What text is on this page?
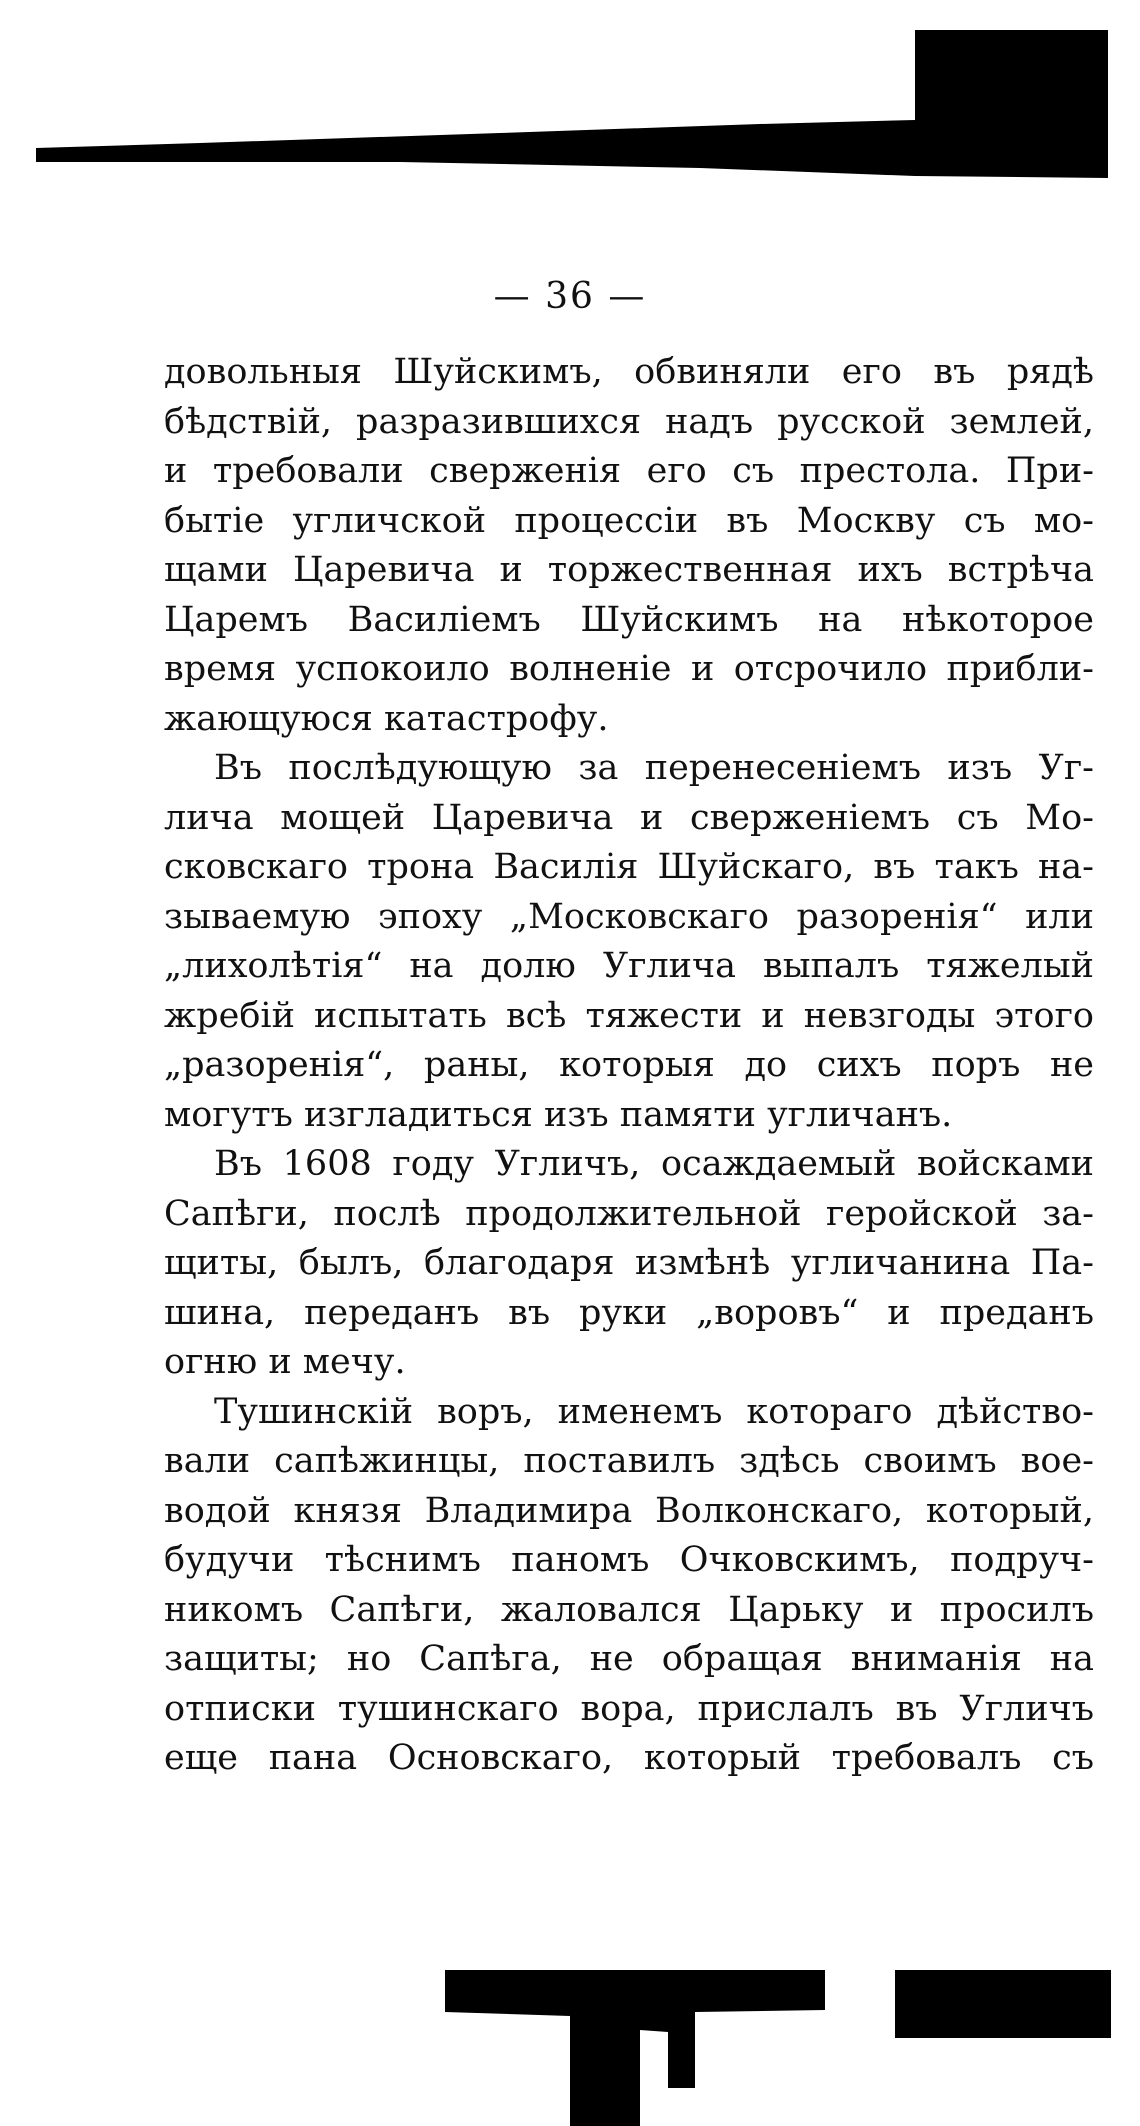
— 36 —
довольныя Шуйскимъ, обвиняли его въ рядѣ
бѣдствій, разразившихся надъ русской землей,
и требовали сверженія его съ престола. При-
бытіе угличской процессіи въ Москву съ мо-
щами Царевича и торжественная ихъ встрѣча
Царемъ Василіемъ Шуйскимъ на нѣкоторое
время успокоило волненіе и отсрочило прибли-
жающуюся катастрофу.
Въ послѣдующую за перенесеніемъ изъ Уг-
лича мощей Царевича и сверженіемъ съ Мо-
сковскаго трона Василія Шуйскаго, въ такъ на-
зываемую эпоху „Московскаго разоренія“ или
„лихолѣтія“ на долю Углича выпалъ тяжелый
жребій испытать всѣ тяжести и невзгоды этого
„разоренія“, раны, которыя до сихъ поръ не
могутъ изгладиться изъ памяти угличанъ.
Въ 1608 году Угличъ, осаждаемый войсками
Сапѣги, послѣ продолжительной геройской за-
щиты, былъ, благодаря измѣнѣ угличанина Па-
шина, переданъ въ руки „воровъ“ и преданъ
огню и мечу.
Тушинскій воръ, именемъ котораго дѣйство-
вали сапѣжинцы, поставилъ здѣсь своимъ вое-
водой князя Владимира Волконскаго, который,
будучи тѣснимъ паномъ Очковскимъ, подруч-
никомъ Сапѣги, жаловался Царьку и просилъ
защиты; но Сапѣга, не обращая вниманія на
отписки тушинскаго вора, прислалъ въ Угличъ
еще пана Основскаго, который требовалъ съ
